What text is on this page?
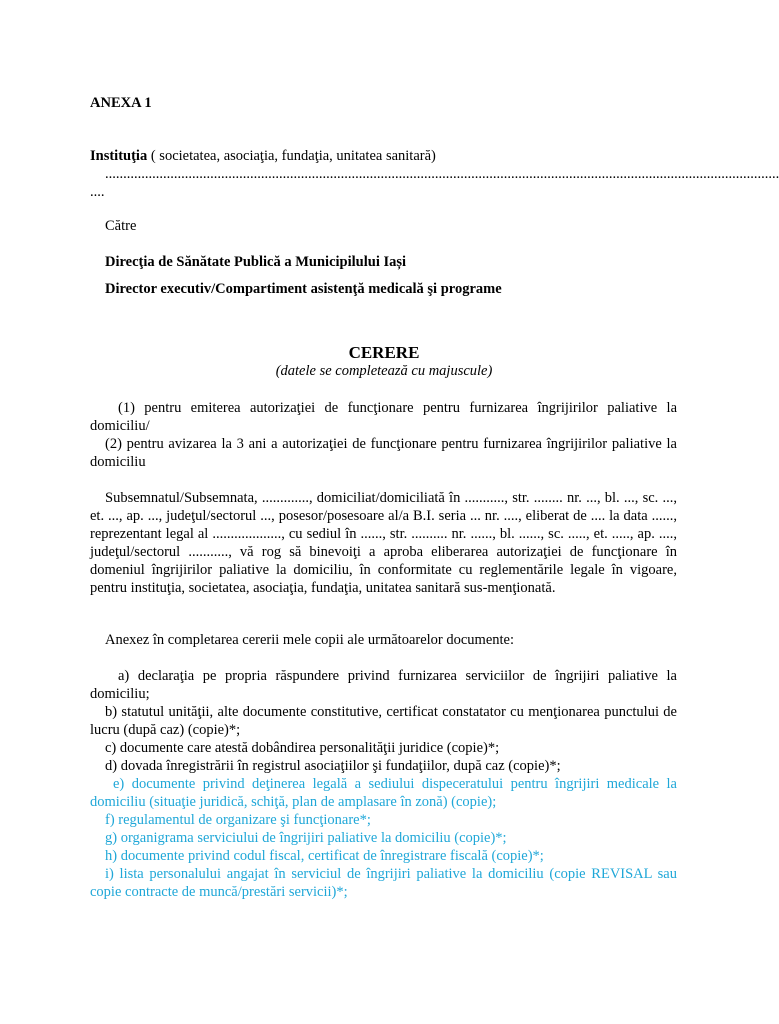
ANEXA 1

Instituţia ( societatea, asociaţia, fundaţia, unitatea sanitară)

..........................................................................................................................................................................................

....

Către

Direcţia de Sănătate Publică a Municipilului Iași

Director executiv/Compartiment asistenţă medicală şi programe

CERERE

(datele se completează cu majuscule)

(1) pentru emiterea autorizaţiei de funcţionare pentru furnizarea îngrijirilor paliative la domiciliu/

(2) pentru avizarea la 3 ani a autorizaţiei de funcţionare pentru furnizarea îngrijirilor paliative la domiciliu

Subsemnatul/Subsemnata, ............., domiciliat/domiciliată în ..........., str. ........ nr. ..., bl. ..., sc. ..., et. ..., ap. ..., judeţul/sectorul ..., posesor/posesoare al/a B.I. seria ... nr. ...., eliberat de .... la data ......, reprezentant legal al ..................., cu sediul în ......, str. .......... nr. ......, bl. ......, sc. ....., et. ....., ap. ...., judeţul/sectorul ..........., vă rog să binevoiţi a aproba eliberarea autorizaţiei de funcţionare în domeniul îngrijirilor paliative la domiciliu, în conformitate cu reglementările legale în vigoare, pentru instituţia, societatea, asociaţia, fundaţia, unitatea sanitară sus-menţionată.

Anexez în completarea cererii mele copii ale următoarelor documente:

a) declaraţia pe propria răspundere privind furnizarea serviciilor de îngrijiri paliative la domiciliu;

b) statutul unităţii, alte documente constitutive, certificat constatator cu menţionarea punctului de lucru (după caz) (copie)*;

c) documente care atestă dobândirea personalităţii juridice (copie)*;

d) dovada înregistrării în registrul asociaţiilor şi fundaţiilor, după caz (copie)*;

e) documente privind deţinerea legală a sediului dispeceratului pentru îngrijiri medicale la domiciliu (situaţie juridică, schiţă, plan de amplasare în zonă) (copie);

f) regulamentul de organizare şi funcţionare*;

g) organigrama serviciului de îngrijiri paliative la domiciliu (copie)*;

h) documente privind codul fiscal, certificat de înregistrare fiscală (copie)*;

i) lista personalului angajat în serviciul de îngrijiri paliative la domiciliu (copie REVISAL sau copie contracte de muncă/prestări servicii)*;
